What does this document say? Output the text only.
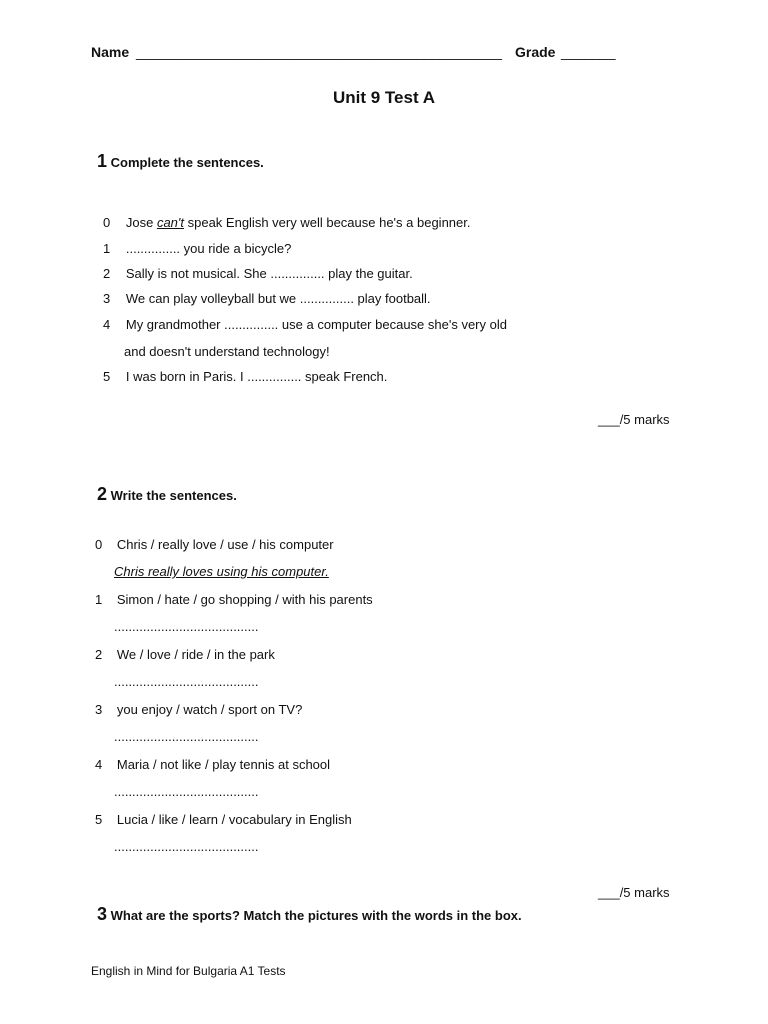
Name _______________________________________________ Grade _______
Unit 9 Test A
1 Complete the sentences.
0 Jose can't speak English very well because he's a beginner.
1 ............... you ride a bicycle?
2 Sally is not musical. She ............... play the guitar.
3 We can play volleyball but we ............... play football.
4 My grandmother ............... use a computer because she's very old
and doesn't understand technology!
5 I was born in Paris. I ............... speak French.
___/5 marks
2 Write the sentences.
0 Chris / really love / use / his computer
Chris really loves using his computer.
1 Simon / hate / go shopping / with his parents
........................................
2 We / love / ride / in the park
........................................
3 you enjoy / watch / sport on TV?
........................................
4 Maria / not like / play tennis at school
........................................
5 Lucia / like / learn / vocabulary in English
........................................
___/5 marks
3 What are the sports? Match the pictures with the words in the box.
English in Mind for Bulgaria A1 Tests
